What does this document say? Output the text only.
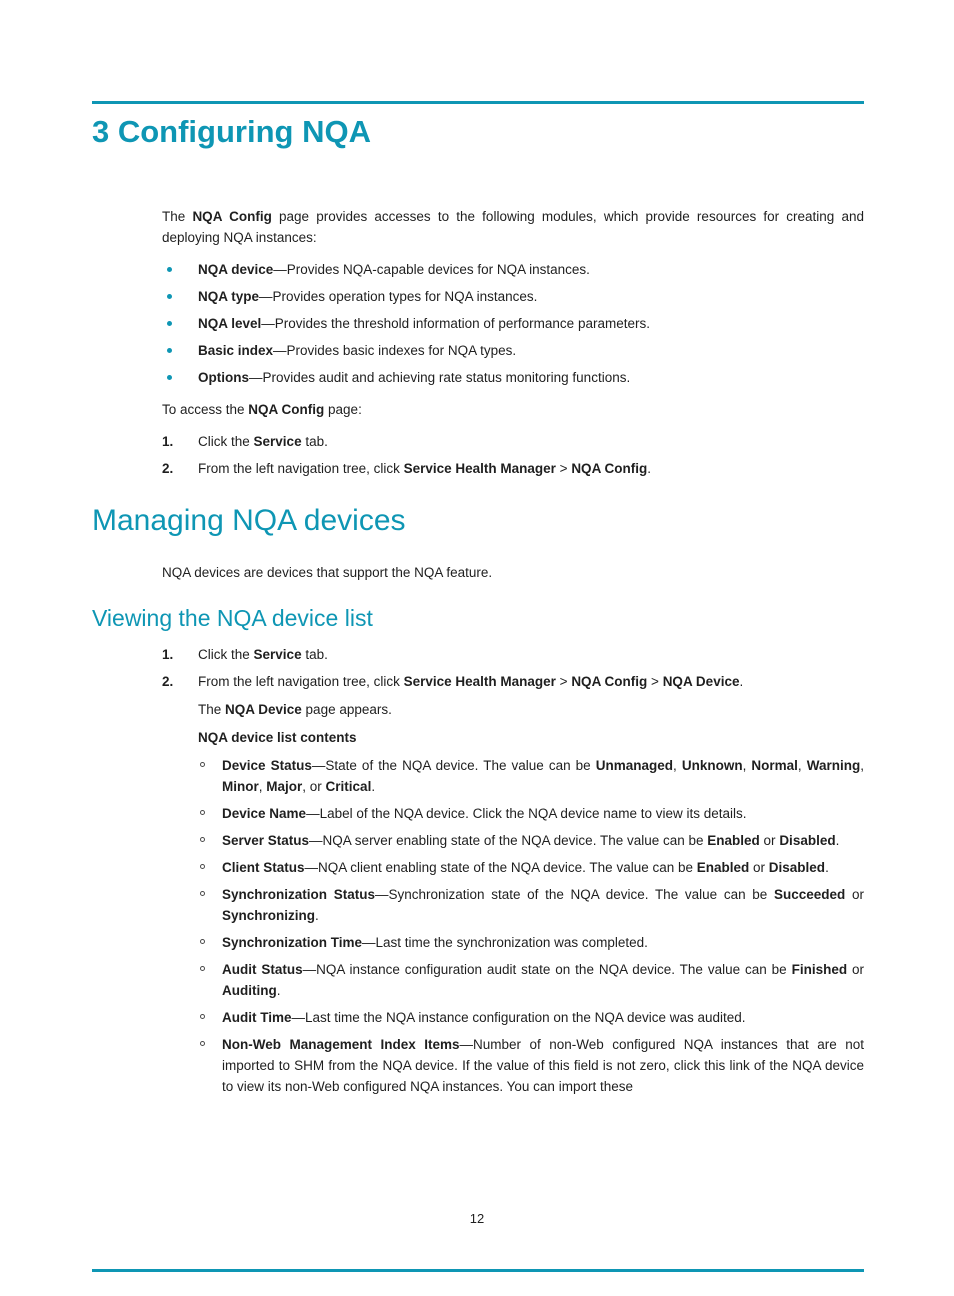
3 Configuring NQA

The NQA Config page provides accesses to the following modules, which provide resources for creating and deploying NQA instances:

NQA device—Provides NQA-capable devices for NQA instances.
NQA type—Provides operation types for NQA instances.
NQA level—Provides the threshold information of performance parameters.
Basic index—Provides basic indexes for NQA types.
Options—Provides audit and achieving rate status monitoring functions.

To access the NQA Config page:

1. Click the Service tab.
2. From the left navigation tree, click Service Health Manager > NQA Config.
Managing NQA devices

NQA devices are devices that support the NQA feature.

Viewing the NQA device list
1. Click the Service tab.
2. From the left navigation tree, click Service Health Manager > NQA Config > NQA Device.

The NQA Device page appears.

NQA device list contents

Device Status—State of the NQA device. The value can be Unmanaged, Unknown, Normal, Warning, Minor, Major, or Critical.
Device Name—Label of the NQA device. Click the NQA device name to view its details.
Server Status—NQA server enabling state of the NQA device. The value can be Enabled or Disabled.
Client Status—NQA client enabling state of the NQA device. The value can be Enabled or Disabled.
Synchronization Status—Synchronization state of the NQA device. The value can be Succeeded or Synchronizing.
Synchronization Time—Last time the synchronization was completed.
Audit Status—NQA instance configuration audit state on the NQA device. The value can be Finished or Auditing.
Audit Time—Last time the NQA instance configuration on the NQA device was audited.
Non-Web Management Index Items—Number of non-Web configured NQA instances that are not imported to SHM from the NQA device. If the value of this field is not zero, click this link of the NQA device to view its non-Web configured NQA instances. You can import these
12
